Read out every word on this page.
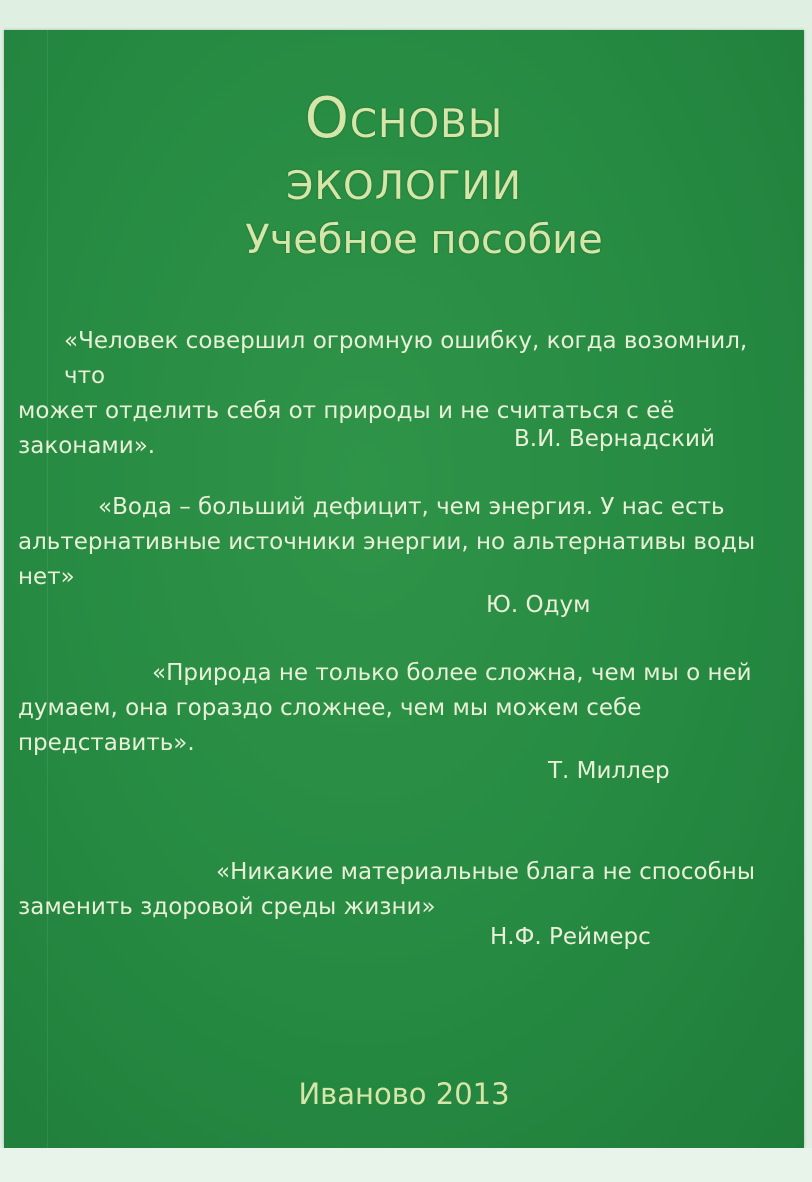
Основы
экологии
Учебное пособие
«Человек совершил огромную ошибку, когда возомнил, что
может отделить себя от природы и не считаться с её
законами».	В.И. Вернадский
«Вода – больший дефицит, чем энергия. У нас есть
альтернативные источники энергии, но альтернативы воды
нет»
Ю. Одум
«Природа не только более сложна, чем мы о ней
думаем, она гораздо сложнее, чем мы можем себе
представить».
Т. Миллер
«Никакие материальные блага не способны
заменить здоровой среды жизни»
Н.Ф. Реймерс
Иваново 2013
